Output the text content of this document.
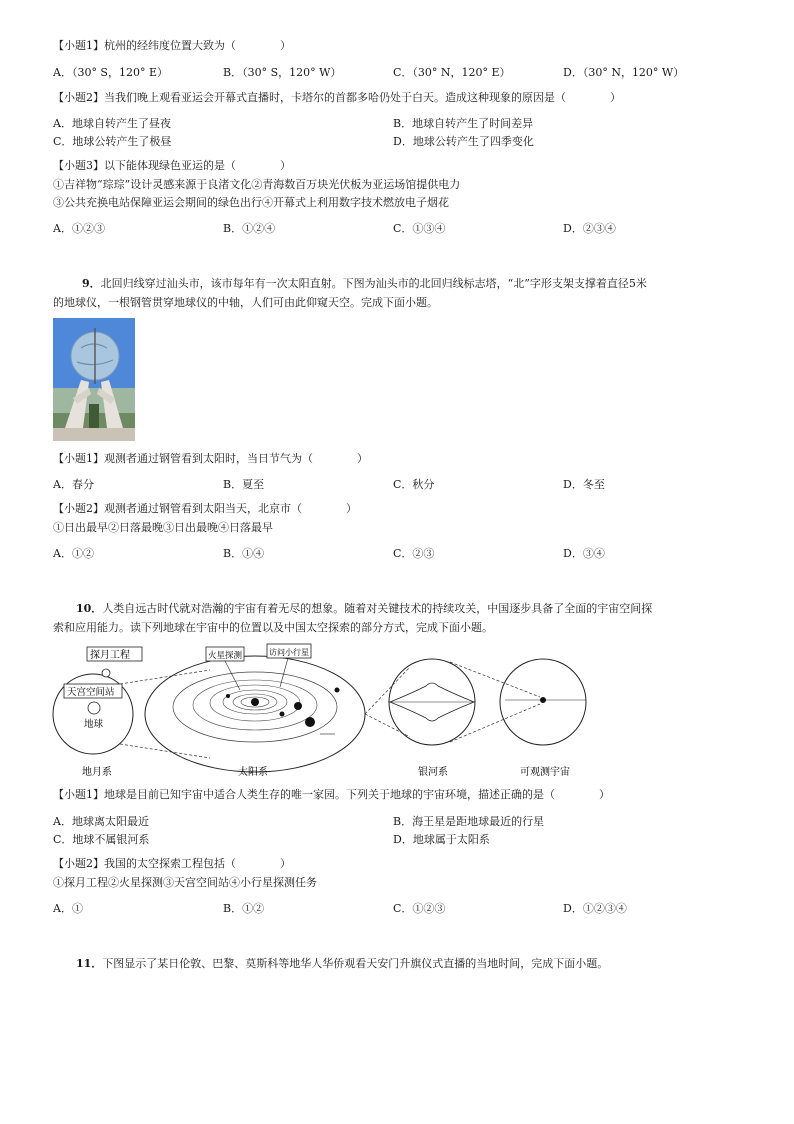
【小题1】杭州的经纬度位置大致为（　　　　）
A．（30° S，120° E）	B．（30° S，120° W）	C．（30° N，120° E）	D．（30° N，120° W）
【小题2】当我们晚上观看亚运会开幕式直播时，卡塔尔的首都多哈仍处于白天。造成这种现象的原因是（　　　　）
A．地球自转产生了昼夜	B．地球自转产生了时间差异
C．地球公转产生了极昼	D．地球公转产生了四季变化
【小题3】以下能体现绿色亚运的是（　　　　）
①吉祥物“琮琮”设计灵感来源于良渚文化②青海数百万块光伏板为亚运场馆提供电力
③公共充换电站保障亚运会期间的绿色出行④开幕式上利用数字技术燃放电子烟花
A．①②③	B．①②④	C．①③④	D．②③④
9．北回归线穿过汕头市，该市每年有一次太阳直射。下图为汕头市的北回归线标志塔，“北”字形支架支撑着直径5米
的地球仪，一根钢管贯穿地球仪的中轴，人们可由此仰窥天空。完成下面小题。
【小题1】观测者通过钢管看到太阳时，当日节气为（　　　　）
A．春分	B．夏至	C．秋分	D．冬至
【小题2】观测者通过钢管看到太阳当天，北京市（　　　　）
①日出最早②日落最晚③日出最晚④日落最早
A．①②	B．①④	C．②③	D．③④
10．人类自远古时代就对浩瀚的宇宙有着无尽的想象。随着对关键技术的持续攻关，中国逐步具备了全面的宇宙空间探
索和应用能力。读下列地球在宇宙中的位置以及中国太空探索的部分方式，完成下面小题。
探月工程
天宫空间站
地球
火星探测	访问小行星
地月系	太阳系	银河系	可观测宇宙
【小题1】地球是目前已知宇宙中适合人类生存的唯一家园。下列关于地球的宇宙环境，描述正确的是（　　　　）
A．地球离太阳最近	B．海王星是距地球最近的行星
C．地球不属银河系	D．地球属于太阳系
【小题2】我国的太空探索工程包括（　　　　）
①探月工程②火星探测③天宫空间站④小行星探测任务
A．①	B．①②	C．①②③	D．①②③④
11．下图显示了某日伦敦、巴黎、莫斯科等地华人华侨观看天安门升旗仪式直播的当地时间，完成下面小题。
